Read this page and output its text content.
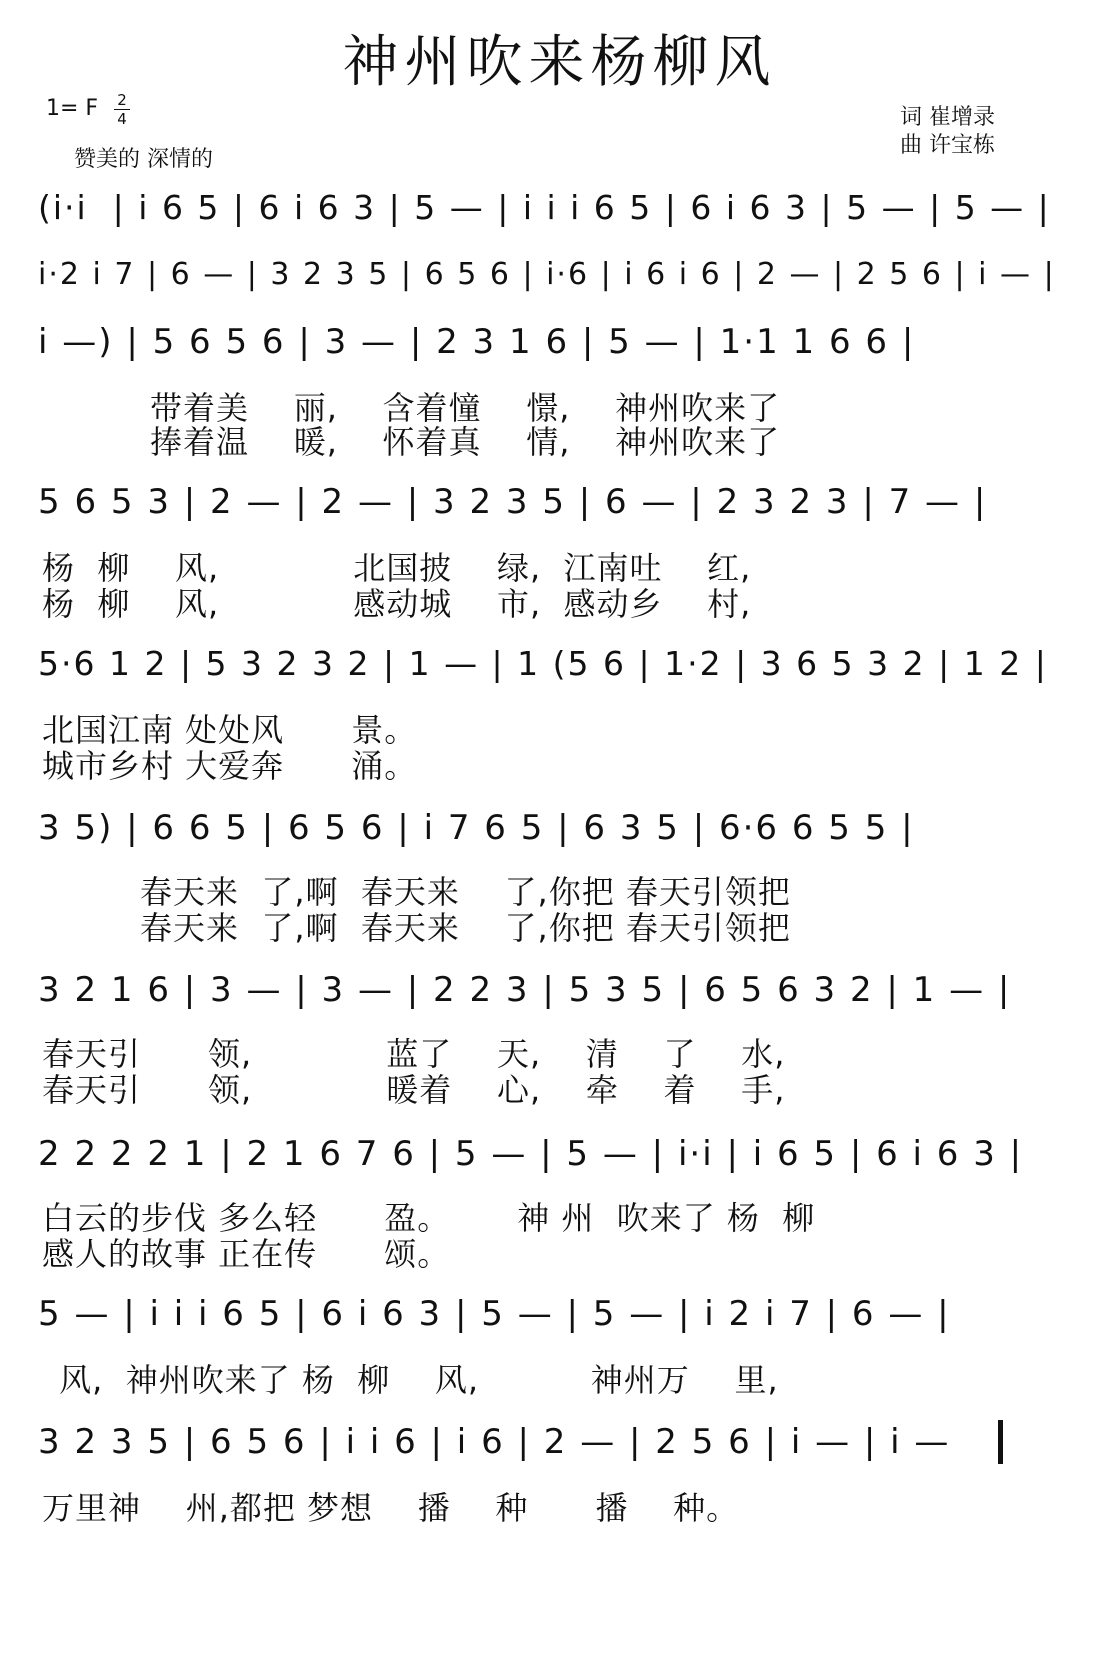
神州吹来杨柳风
1= F 2
4
赞美的 深情的
词 崔增录
曲 许宝栋
(i·i  | i 6 5 | 6 i 6 3 | 5 — | i i i 6 5 | 6 i 6 3 | 5 — | 5 — |
i·2 i 7 | 6 — | 3 2 3 5 | 6 5 6 | i·6 | i 6 i 6 | 2 — | 2 5 6 | i — |
i —) | 5 6 5 6 | 3 — | 2 3 1 6 | 5 — | 1·1 1 6 6 |
带着美    丽,    含着憧    憬,    神州吹来了
捧着温    暖,    怀着真    情,    神州吹来了
5 6 5 3 | 2 — | 2 — | 3 2 3 5 | 6 — | 2 3 2 3 | 7 — |
杨  柳    风,            北国披    绿,  江南吐    红,
杨  柳    风,            感动城    市,  感动乡    村,
5·6 1 2 | 5 3 2 3 2 | 1 — | 1 (5 6 | 1·2 | 3 6 5 3 2 | 1 2 |
北国江南 处处风      景。
城市乡村 大爱奔      涌。
3 5) | 6 6 5 | 6 5 6 | i 7 6 5 | 6 3 5 | 6·6 6 5 5 |
春天来  了,啊  春天来    了,你把 春天引领把
春天来  了,啊  春天来    了,你把 春天引领把
3 2 1 6 | 3 — | 3 — | 2 2 3 | 5 3 5 | 6 5 6 3 2 | 1 — |
春天引      领,            蓝了    天,    清    了    水,
春天引      领,            暖着    心,    牵    着    手,
2 2 2 2 1 | 2 1 6 7 6 | 5 — | 5 — | i·i | i 6 5 | 6 i 6 3 |
白云的步伐 多么轻      盈。      神 州  吹来了 杨  柳
感人的故事 正在传      颂。
5 — | i i i 6 5 | 6 i 6 3 | 5 — | 5 — | i 2 i 7 | 6 — |
风,  神州吹来了 杨  柳    风,          神州万    里,
3 2 3 5 | 6 5 6 | i i 6 | i 6 | 2 — | 2 5 6 | i — | i —
万里神    州,都把 梦想    播    种      播    种。
